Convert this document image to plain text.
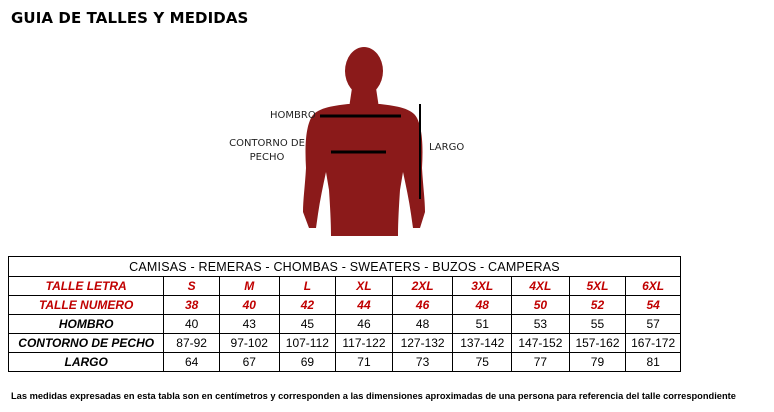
GUIA DE TALLES Y MEDIDAS
HOMBRO
CONTORNO DE PECHO
LARGO
CAMISAS - REMERAS - CHOMBAS - SWEATERS - BUZOS - CAMPERAS									
TALLE LETRA	S	M	L	XL	2XL	3XL	4XL	5XL	6XL
TALLE NUMERO	38	40	42	44	46	48	50	52	54
HOMBRO	40	43	45	46	48	51	53	55	57
CONTORNO DE PECHO	87-92	97-102	107-112	117-122	127-132	137-142	147-152	157-162	167-172
LARGO	64	67	69	71	73	75	77	79	81
Las medidas expresadas en esta tabla son en centímetros y corresponden a las dimensiones aproximadas de una persona para referencia del talle correspondiente
